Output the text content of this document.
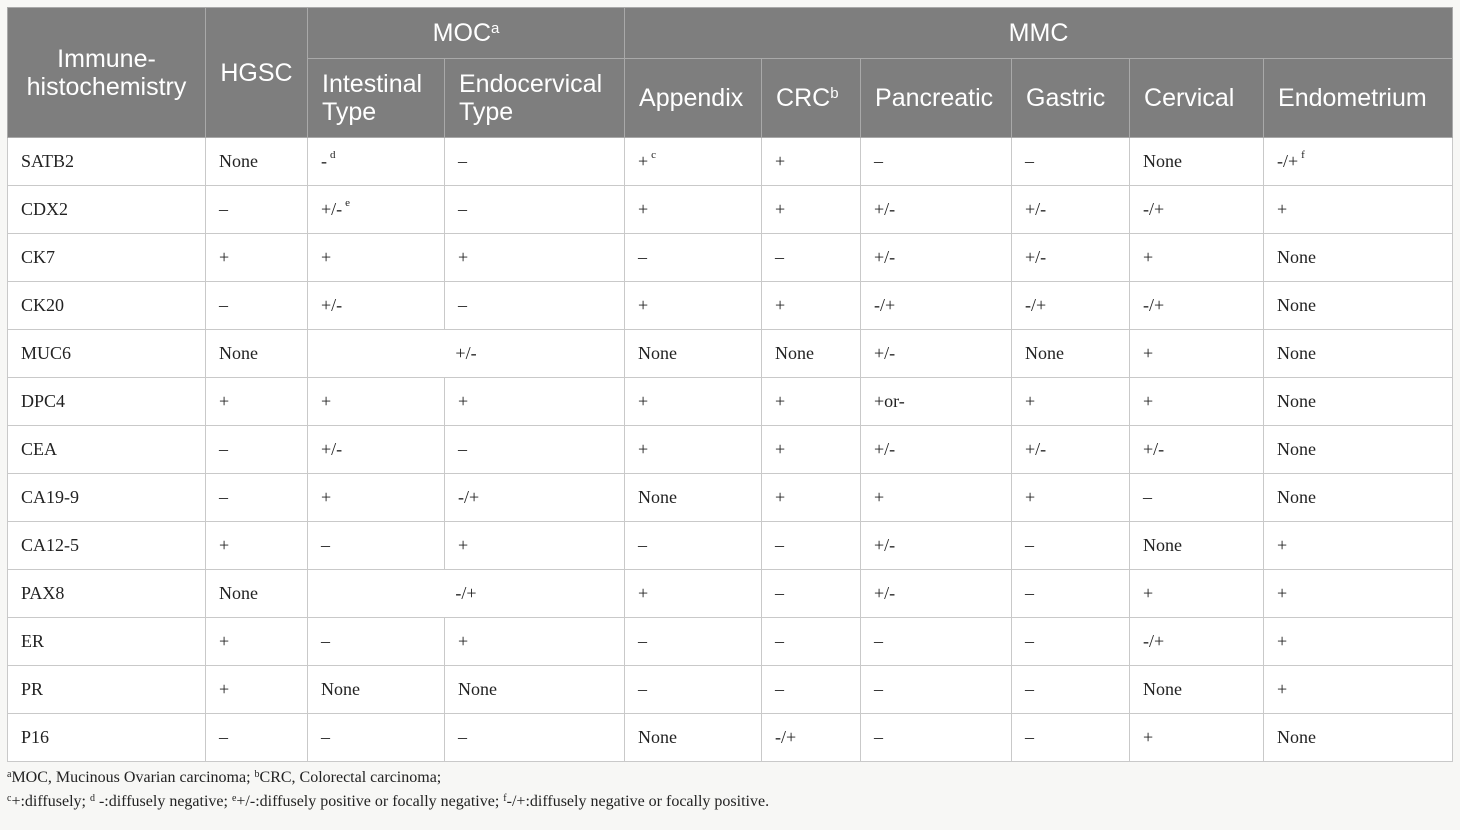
Immune-
histochemistry	HGSC	MOC$^a$		MMC					
		Intestinal Type	Endocervical Type	Appendix	CRC$^b$	Pancreatic	Gastric	Cervical	Endometrium
SATB2	None	- $^d$	–	+ $^c$	+	–	–	None	-/+ $^f$
CDX2	–	+/- $^e$	–	+	+	+/-	+/-	-/+	+
CK7	+	+	+	–	–	+/-	+/-	+	None
CK20	–	+/-	–	+	+	-/+	-/+	-/+	None
MUC6	None	+/-		None	None	+/-	None	+	None
DPC4	+	+	+	+	+	+or-	+	+	None
CEA	–	+/-	–	+	+	+/-	+/-	+/-	None
CA19-9	–	+	-/+	None	+	+	+	–	None
CA12-5	+	–	+	–	–	+/-	–	None	+
PAX8	None	-/+		+	–	+/-	–	+	+
ER	+	–	+	–	–	–	–	-/+	+
PR	+	None	None	–	–	–	–	None	+
P16	–	–	–	None	-/+	–	–	+	None
$^a$MOC, Mucinous Ovarian carcinoma; $^b$CRC, Colorectal carcinoma;
$^c$+:diffusely; $^d$ -:diffusely negative; $^e$+/-:diffusely positive or focally negative; $^f$-/+:diffusely negative or focally positive.
